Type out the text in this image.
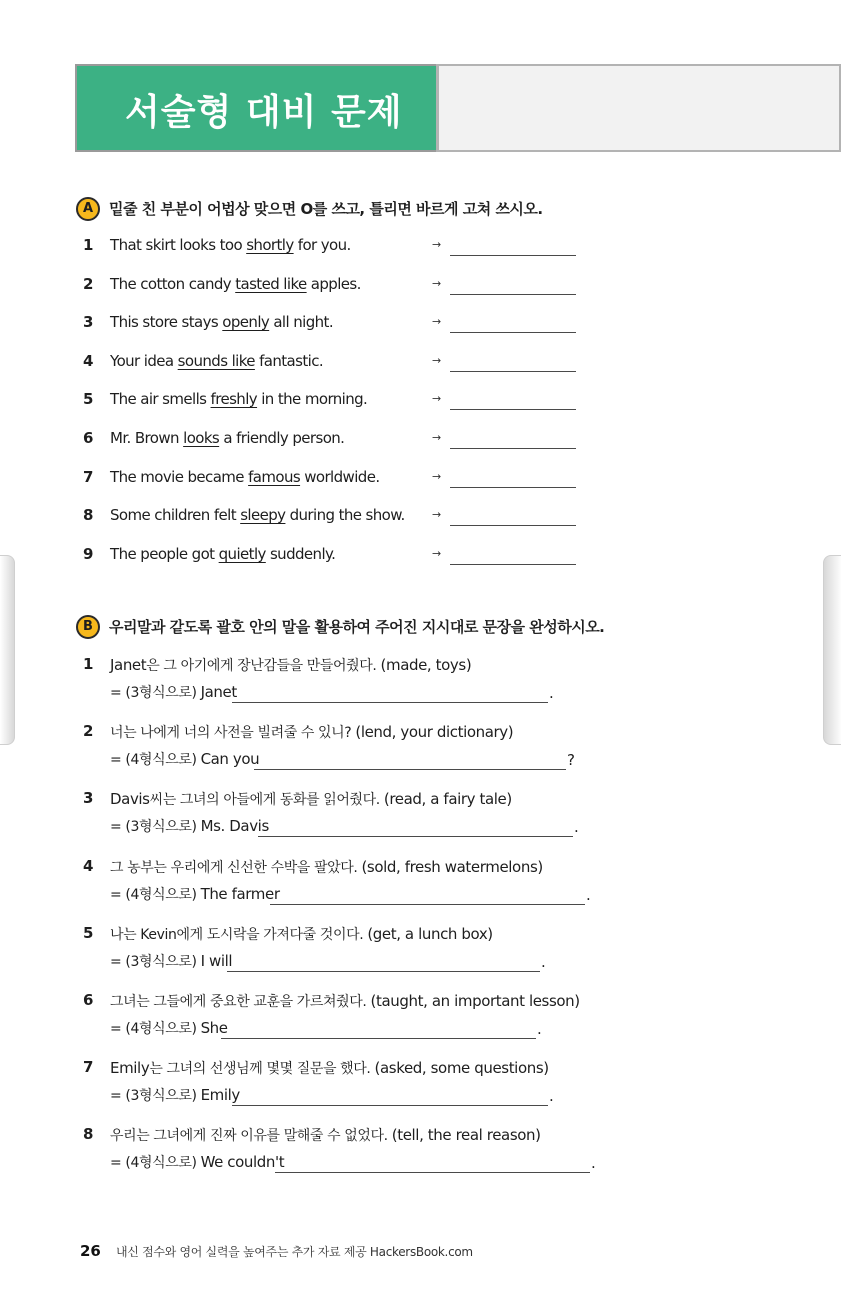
서술형 대비 문제
A	밑줄 친 부분이 어법상 맞으면 O를 쓰고, 틀리면 바르게 고쳐 쓰시오.
1 That skirt looks too shortly for you.	→
2 The cotton candy tasted like apples.	→
3 This store stays openly all night.	→
4 Your idea sounds like fantastic.	→
5 The air smells freshly in the morning.	→
6 Mr. Brown looks a friendly person.	→
7 The movie became famous worldwide.	→
8 Some children felt sleepy during the show. →
9 The people got quietly suddenly.	→
B	우리말과 같도록 괄호 안의 말을 활용하여 주어진 지시대로 문장을 완성하시오.
1 Janet은 그 아기에게 장난감들을 만들어줬다. (made, toys)
= (3형식으로) Janet	.
2 너는 나에게 너의 사전을 빌려줄 수 있니? (lend, your dictionary)
= (4형식으로) Can you	?
3 Davis씨는 그녀의 아들에게 동화를 읽어줬다. (read, a fairy tale)
= (3형식으로) Ms. Davis	.
4 그 농부는 우리에게 신선한 수박을 팔았다. (sold, fresh watermelons)
= (4형식으로) The farmer	.
5 나는 Kevin에게 도시락을 가져다줄 것이다. (get, a lunch box)
= (3형식으로) I will	.
6 그녀는 그들에게 중요한 교훈을 가르쳐줬다. (taught, an important lesson)
= (4형식으로) She	.
7 Emily는 그녀의 선생님께 몇몇 질문을 했다. (asked, some questions)
= (3형식으로) Emily	.
8 우리는 그녀에게 진짜 이유를 말해줄 수 없었다. (tell, the real reason)
= (4형식으로) We couldn't	.
26 내신 점수와 영어 실력을 높여주는 추가 자료 제공 HackersBook.com
